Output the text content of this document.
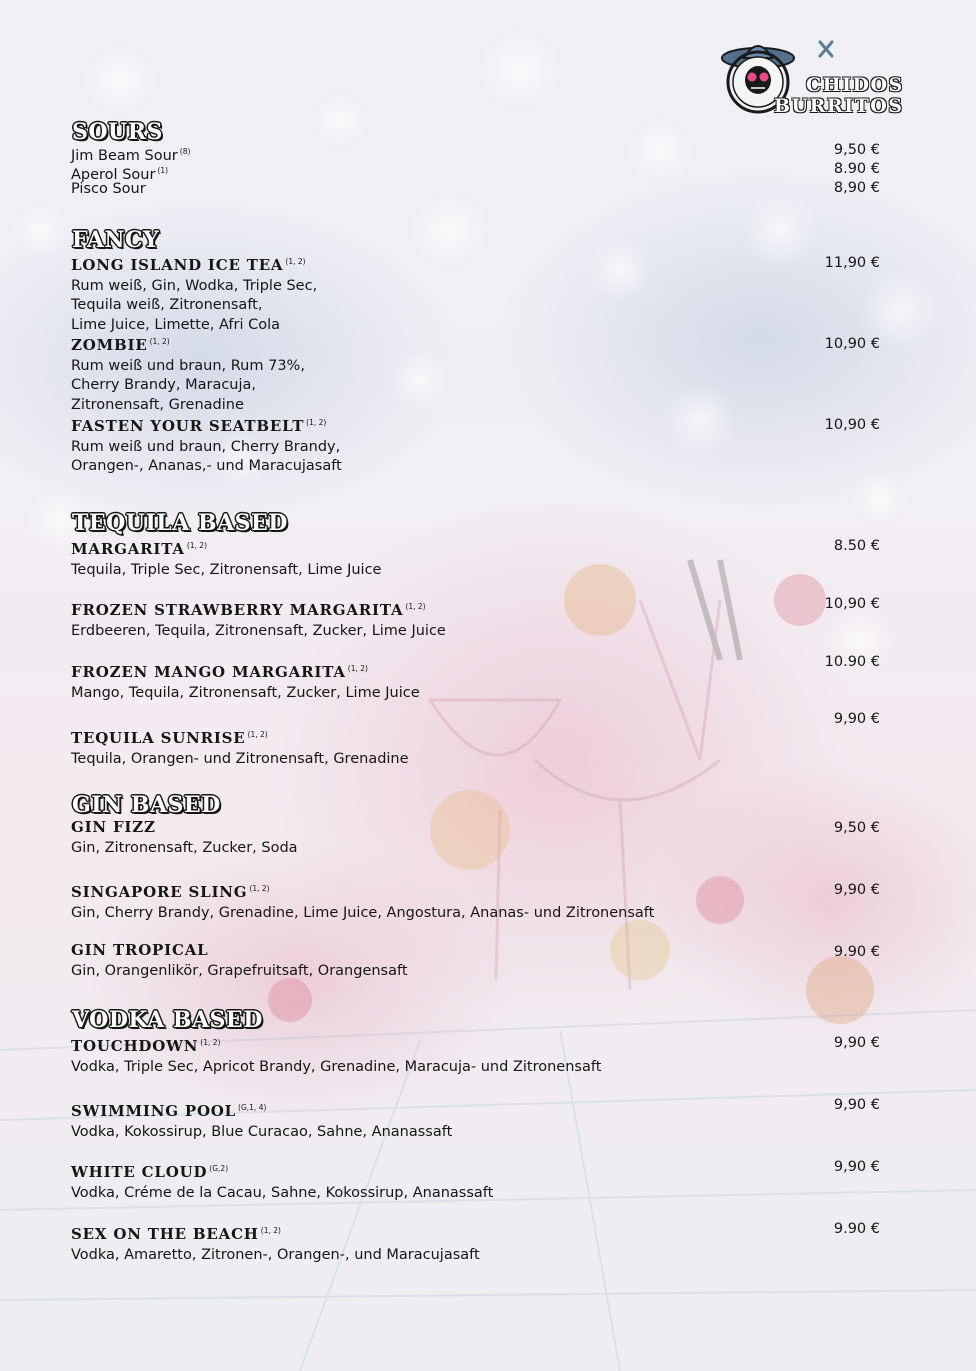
CHIDOS
BURRITOS
SOURS
Jim Beam Sour $^{(8)}$	9,50 €
Aperol Sour $^{(1)}$	8.90 €
Pisco Sour	8,90 €
FANCY
LONG ISLAND ICE TEA $^{(1, 2)}$
Rum weiß, Gin, Wodka, Triple Sec,
Tequila weiß, Zitronensaft,
Lime Juice, Limette, Afri Cola
11,90 €
ZOMBIE $^{(1, 2)}$
Rum weiß und braun, Rum 73%,
Cherry Brandy, Maracuja,
Zitronensaft, Grenadine
10,90 €
FASTEN YOUR SEATBELT $^{(1, 2)}$
Rum weiß und braun, Cherry Brandy,
Orangen-, Ananas,- und Maracujasaft
10,90 €
TEQUILA BASED
MARGARITA $^{(1, 2)}$
Tequila, Triple Sec, Zitronensaft, Lime Juice
8.50 €
FROZEN STRAWBERRY MARGARITA $^{(1, 2)}$
Erdbeeren, Tequila, Zitronensaft, Zucker, Lime Juice
10,90 €
FROZEN MANGO MARGARITA $^{(1, 2)}$
Mango, Tequila, Zitronensaft, Zucker, Lime Juice
10.90 €
TEQUILA SUNRISE $^{(1, 2)}$
Tequila, Orangen- und Zitronensaft, Grenadine
9,90 €
GIN BASED
GIN FIZZ
Gin, Zitronensaft, Zucker, Soda
9,50 €
SINGAPORE SLING $^{(1, 2)}$
Gin, Cherry Brandy, Grenadine, Lime Juice, Angostura, Ananas- und Zitronensaft
9,90 €
GIN TROPICAL
Gin, Orangenlikör, Grapefruitsaft, Orangensaft
9.90 €
VODKA BASED
TOUCHDOWN $^{(1, 2)}$
Vodka, Triple Sec, Apricot Brandy, Grenadine, Maracuja- und Zitronensaft
9,90 €
SWIMMING POOL $^{(G,1, 4)}$
Vodka, Kokossirup, Blue Curacao, Sahne, Ananassaft
9,90 €
WHITE CLOUD $^{(G,2)}$
Vodka, Créme de la Cacau, Sahne, Kokossirup, Ananassaft
9,90 €
SEX ON THE BEACH $^{(1, 2)}$
Vodka, Amaretto, Zitronen-, Orangen-, und Maracujasaft
9.90 €
